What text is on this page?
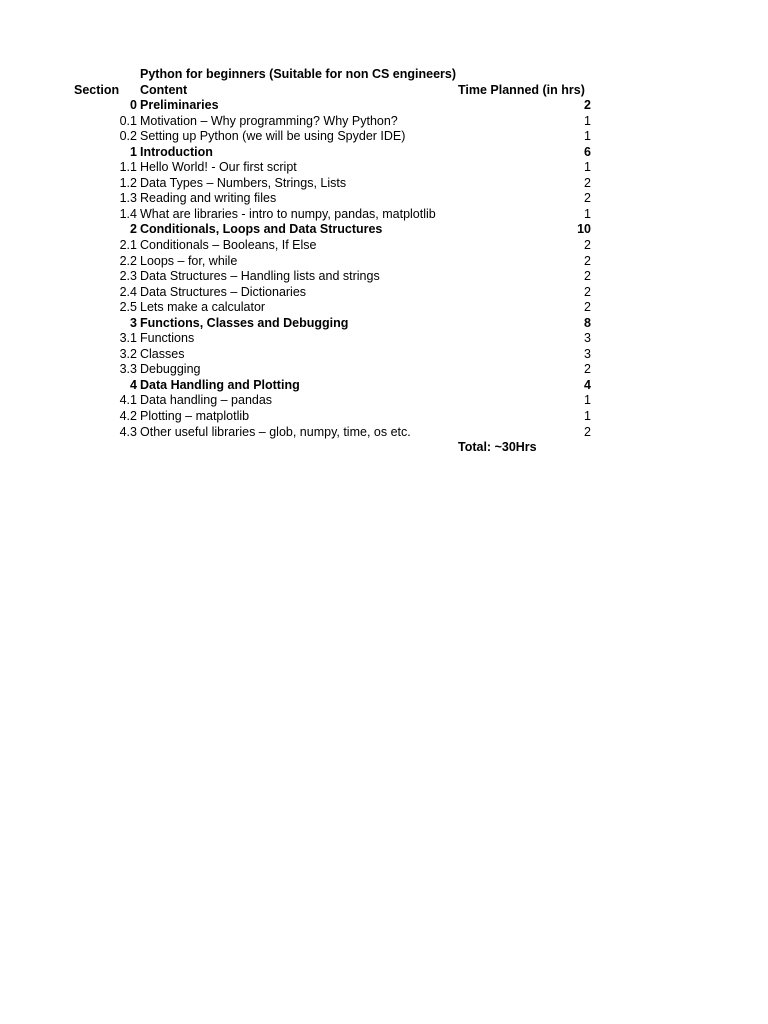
Python for beginners (Suitable for non CS engineers)
Section Content	Time Planned (in hrs)
0 Preliminaries	2
0.1 Motivation – Why programming? Why Python?	1
0.2 Setting up Python (we will be using Spyder IDE)	1
1 Introduction	6
1.1 Hello World! - Our first script	1
1.2 Data Types – Numbers, Strings, Lists	2
1.3 Reading and writing files	2
1.4 What are libraries - intro to numpy, pandas, matplotlib	1
2 Conditionals, Loops and Data Structures	10
2.1 Conditionals – Booleans, If Else	2
2.2 Loops – for, while	2
2.3 Data Structures – Handling lists and strings	2
2.4 Data Structures – Dictionaries	2
2.5 Lets make a calculator	2
3 Functions, Classes and Debugging	8
3.1 Functions	3
3.2 Classes	3
3.3 Debugging	2
4 Data Handling and Plotting	4
4.1 Data handling – pandas	1
4.2 Plotting – matplotlib	1
4.3 Other useful libraries – glob, numpy, time, os etc.	2
Total: ~30Hrs
